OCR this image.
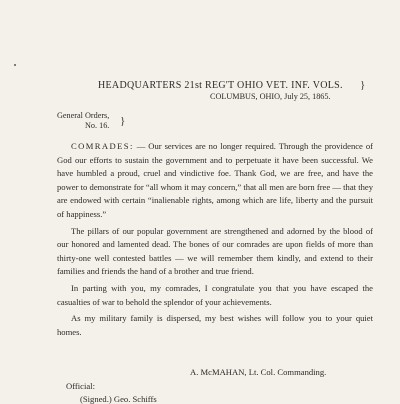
HEADQUARTERS 21st REG'T OHIO VET. INF. VOLS.	}
COLUMBUS, OHIO, July 25, 1865.
General Orders,
No. 16. }

COMRADES: — Our services are no longer required. Through the providence of God our efforts to sustain the government and to perpetuate it have been successful. We have humbled a proud, cruel and vindictive foe. Thank God, we are free, and have the power to demonstrate for “all whom it may concern,” that all men are born free — that they are endowed with certain “inalienable rights, among which are life, liberty and the pursuit of happiness.”

The pillars of our popular government are strengthened and adorned by the blood of our honored and lamented dead. The bones of our comrades are upon fields of more than thirty-one well contested battles — we will remember them kindly, and extend to their families and friends the hand of a brother and true friend.

In parting with you, my comrades, I congratulate you that you have escaped the casualties of war to behold the splendor of your achievements.

As my military family is dispersed, my best wishes will follow you to your quiet homes.

A. McMAHAN, Lt. Col. Commanding.
Official:
(Signed.) Geo. Schiffs
